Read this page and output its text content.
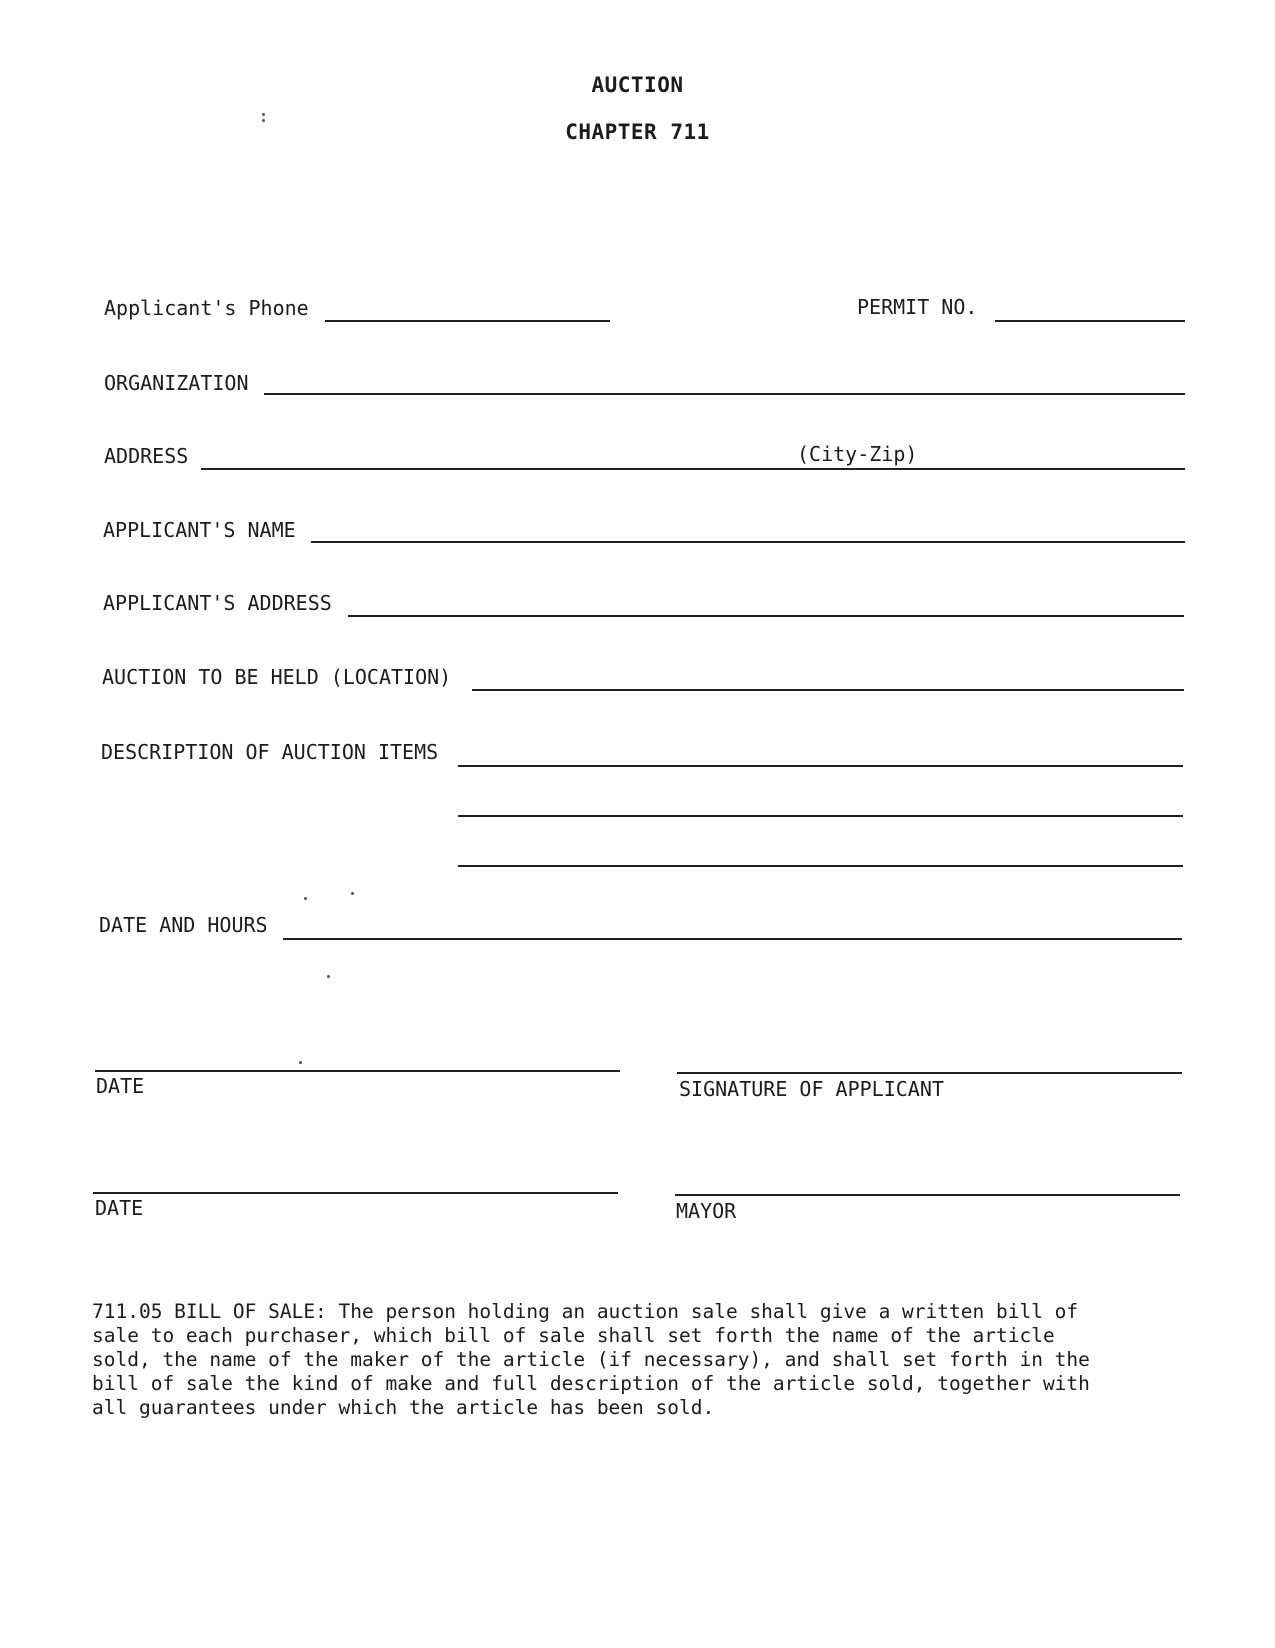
AUCTION
CHAPTER 711
Applicant's Phone	PERMIT NO.
ORGANIZATION
ADDRESS	(City-Zip)
APPLICANT'S NAME
APPLICANT'S ADDRESS
AUCTION TO BE HELD (LOCATION)
DESCRIPTION OF AUCTION ITEMS
DATE AND HOURS
DATE	SIGNATURE OF APPLICANT
DATE	MAYOR

711.05 BILL OF SALE: The person holding an auction sale shall give a written bill of
sale to each purchaser, which bill of sale shall set forth the name of the article
sold, the name of the maker of the article (if necessary), and shall set forth in the
bill of sale the kind of make and full description of the article sold, together with
all guarantees under which the article has been sold.
